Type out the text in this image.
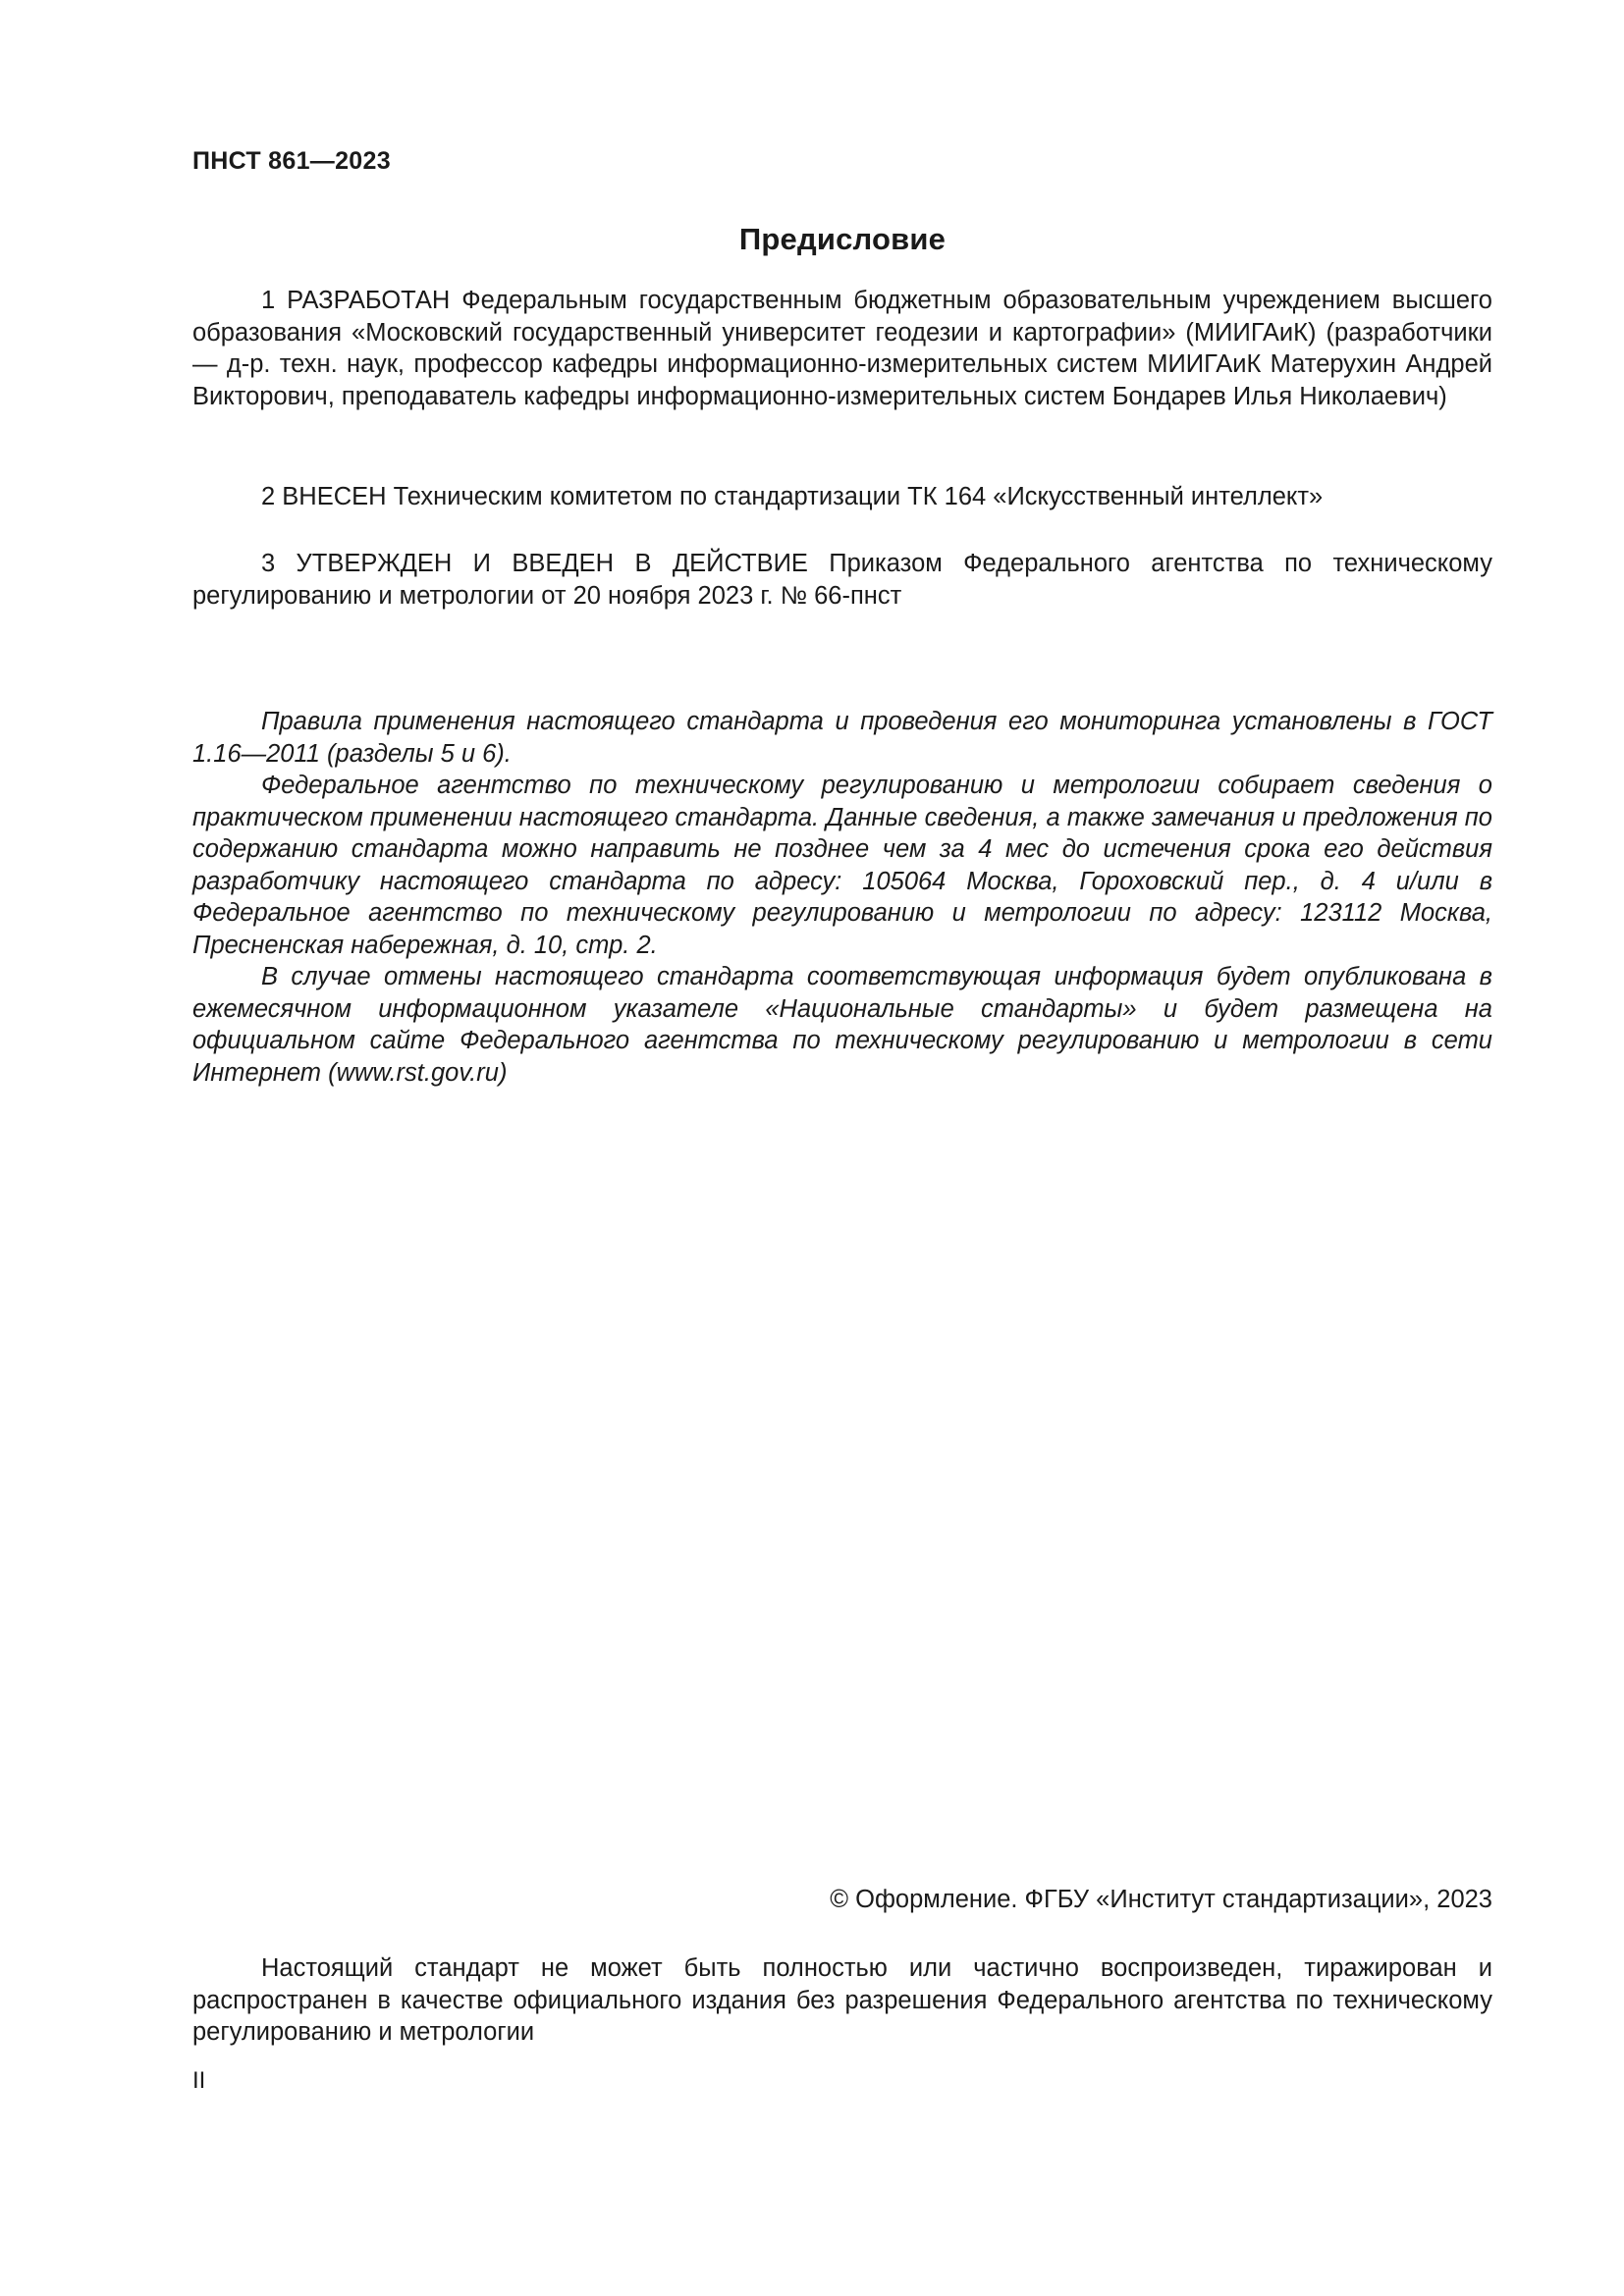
ПНСТ 861—2023
Предисловие

1 РАЗРАБОТАН Федеральным государственным бюджетным образовательным учреждением высшего образования «Московский государственный университет геодезии и картографии» (МИИГАиК) (разработчики — д-р. техн. наук, профессор кафедры информационно-измерительных систем МИИГАиК Матерухин Андрей Викторович, преподаватель кафедры информационно-измерительных систем Бондарев Илья Николаевич)

2 ВНЕСЕН Техническим комитетом по стандартизации ТК 164 «Искусственный интеллект»

3 УТВЕРЖДЕН И ВВЕДЕН В ДЕЙСТВИЕ Приказом Федерального агентства по техническому регулированию и метрологии от 20 ноября 2023 г. № 66-пнст

Правила применения настоящего стандарта и проведения его мониторинга установлены в ГОСТ 1.16—2011 (разделы 5 и 6).

Федеральное агентство по техническому регулированию и метрологии собирает сведения о практическом применении настоящего стандарта. Данные сведения, а также замечания и предложения по содержанию стандарта можно направить не позднее чем за 4 мес до истечения срока его действия разработчику настоящего стандарта по адресу: 105064 Москва, Гороховский пер., д. 4 и/или в Федеральное агентство по техническому регулированию и метрологии по адресу: 123112 Москва, Пресненская набережная, д. 10, стр. 2.

В случае отмены настоящего стандарта соответствующая информация будет опубликована в ежемесячном информационном указателе «Национальные стандарты» и будет размещена на официальном сайте Федерального агентства по техническому регулированию и метрологии в сети Интернет (www.rst.gov.ru)

© Оформление. ФГБУ «Институт стандартизации», 2023

Настоящий стандарт не может быть полностью или частично воспроизведен, тиражирован и распространен в качестве официального издания без разрешения Федерального агентства по техническому регулированию и метрологии

II
